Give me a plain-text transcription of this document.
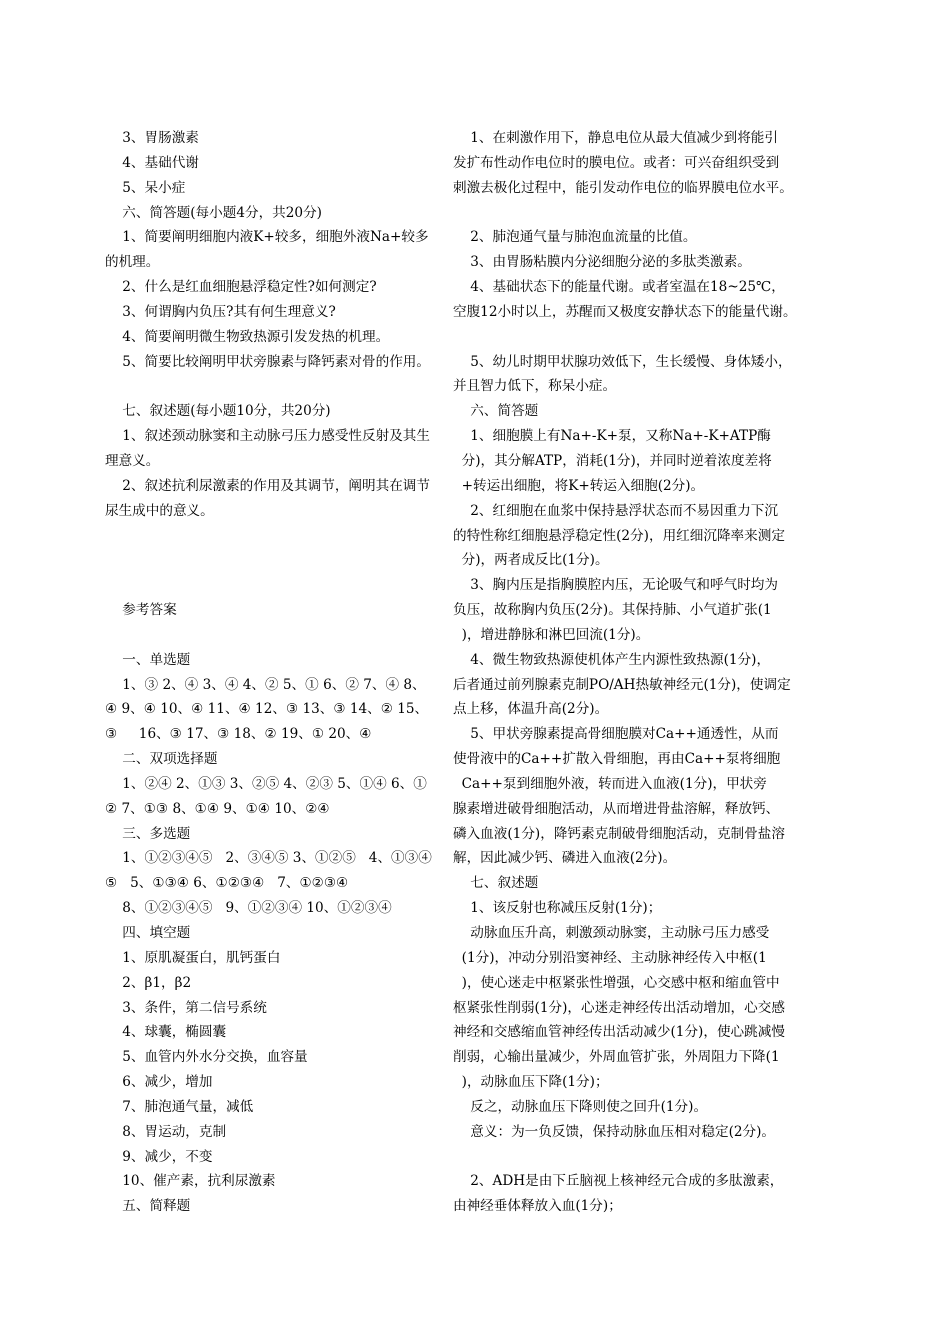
3、胃肠激素

4、基础代谢

5、呆小症

六、简答题(每小题4分，共20分)

1、简要阐明细胞内液K+较多，细胞外液Na+较多

的机理。

2、什么是红血细胞悬浮稳定性?如何测定?

3、何谓胸内负压?其有何生理意义?

4、简要阐明微生物致热源引发发热的机理。

5、简要比较阐明甲状旁腺素与降钙素对骨的作用。

七、叙述题(每小题10分，共20分)

1、叙述颈动脉窦和主动脉弓压力感受性反射及其生

理意义。

2、叙述抗利尿激素的作用及其调节，阐明其在调节

尿生成中的意义。

参考答案

一、单选题

1、③ 2、④ 3、④ 4、② 5、① 6、② 7、④ 8、

④ 9、④ 10、④ 11、④ 12、③ 13、③ 14、② 15、

③     16、③ 17、③ 18、② 19、① 20、④

二、双项选择题

1、②④ 2、①③ 3、②⑤ 4、②③ 5、①④ 6、①

② 7、①③ 8、①④ 9、①④ 10、②④

三、多选题

1、①②③④⑤   2、③④⑤ 3、①②⑤   4、①③④

⑤   5、①③④ 6、①②③④   7、①②③④

8、①②③④⑤   9、①②③④ 10、①②③④

四、填空题

1、原肌凝蛋白，肌钙蛋白

2、β1，β2

3、条件，第二信号系统

4、球囊，椭圆囊

5、血管内外水分交换，血容量

6、减少，增加

7、肺泡通气量，减低

8、胃运动，克制

9、减少，不变

10、催产素，抗利尿激素

五、简释题

1、在刺激作用下，静息电位从最大值减少到将能引

发扩布性动作电位时的膜电位。或者：可兴奋组织受到

刺激去极化过程中，能引发动作电位的临界膜电位水平。

2、肺泡通气量与肺泡血流量的比值。

3、由胃肠粘膜内分泌细胞分泌的多肽类激素。

4、基础状态下的能量代谢。或者室温在18~25℃，

空腹12小时以上，苏醒而又极度安静状态下的能量代谢。

5、幼儿时期甲状腺功效低下，生长缓慢、身体矮小，

并且智力低下，称呆小症。

六、简答题

1、细胞膜上有Na+-K+泵，又称Na+-K+ATP酶

分)，其分解ATP，消耗(1分)，并同时逆着浓度差将

+转运出细胞，将K+转运入细胞(2分)。

2、红细胞在血浆中保持悬浮状态而不易因重力下沉

的特性称红细胞悬浮稳定性(2分)，用红细沉降率来测定

分)，两者成反比(1分)。

3、胸内压是指胸膜腔内压，无论吸气和呼气时均为

负压，故称胸内负压(2分)。其保持肺、小气道扩张(1

)，增进静脉和淋巴回流(1分)。

4、微生物致热源使机体产生内源性致热源(1分)，

后者通过前列腺素克制PO/AH热敏神经元(1分)，使调定

点上移，体温升高(2分)。

5、甲状旁腺素提高骨细胞膜对Ca++通透性，从而

使骨液中的Ca++扩散入骨细胞，再由Ca++泵将细胞

Ca++泵到细胞外液，转而进入血液(1分)，甲状旁

腺素增进破骨细胞活动，从而增进骨盐溶解，释放钙、

磷入血液(1分)，降钙素克制破骨细胞活动，克制骨盐溶

解，因此减少钙、磷进入血液(2分)。

七、叙述题

1、该反射也称减压反射(1分)；

动脉血压升高，刺激颈动脉窦，主动脉弓压力感受

(1分)，冲动分别沿窦神经、主动脉神经传入中枢(1

)，使心迷走中枢紧张性增强，心交感中枢和缩血管中

枢紧张性削弱(1分)，心迷走神经传出活动增加，心交感

神经和交感缩血管神经传出活动减少(1分)，使心跳减慢

削弱，心输出量减少，外周血管扩张，外周阻力下降(1

)，动脉血压下降(1分)；

反之，动脉血压下降则使之回升(1分)。

意义：为一负反馈，保持动脉血压相对稳定(2分)。

2、ADH是由下丘脑视上核神经元合成的多肽激素，

由神经垂体释放入血(1分)；
